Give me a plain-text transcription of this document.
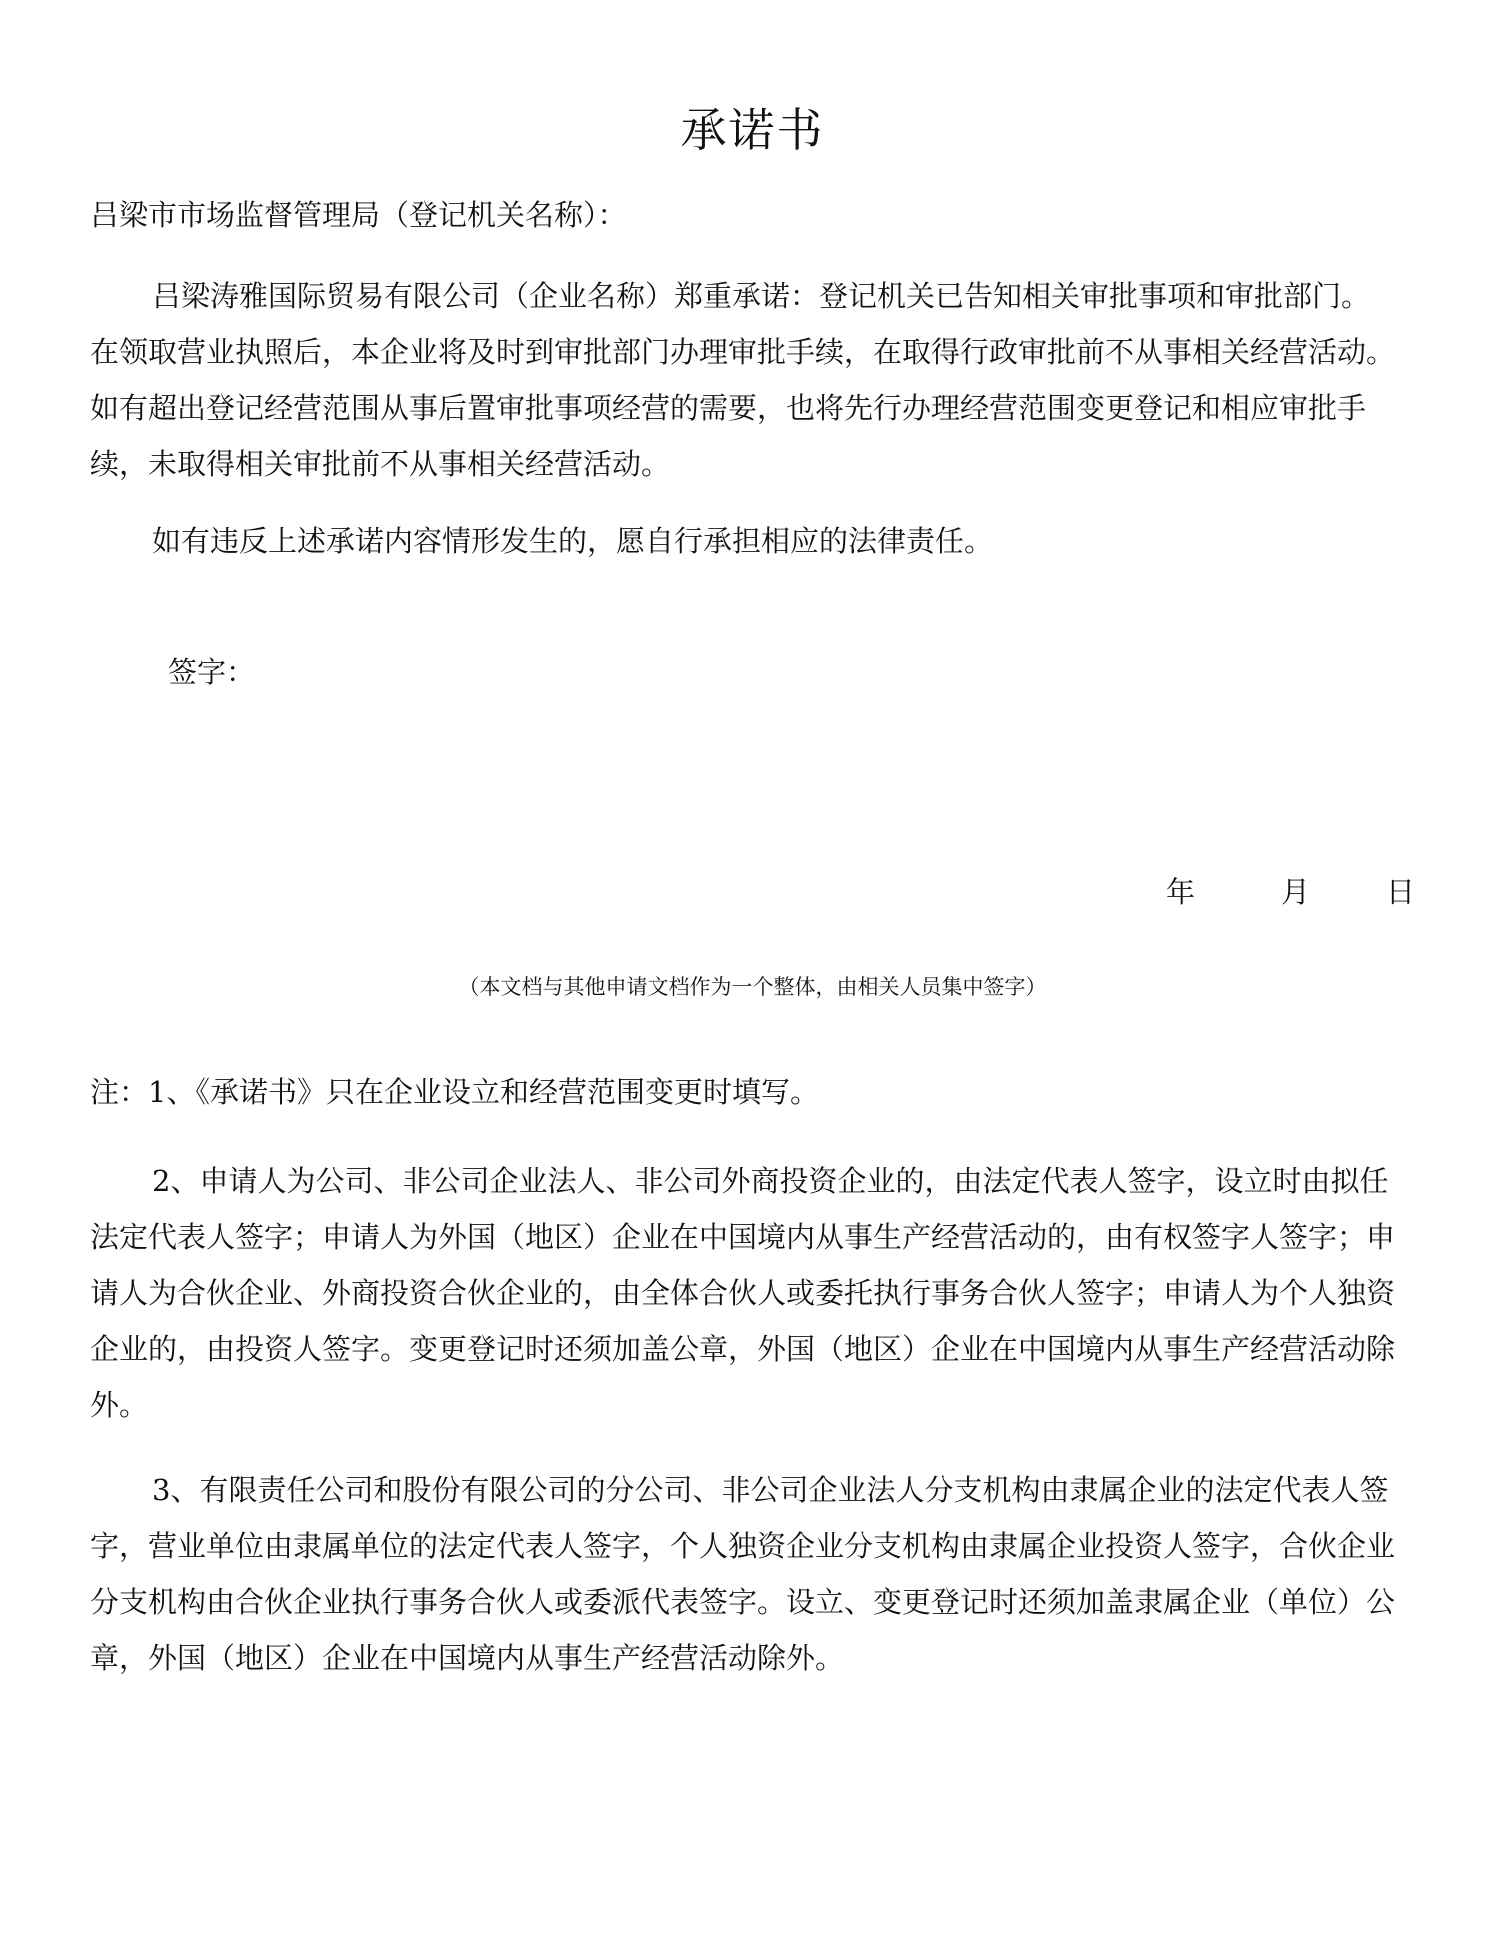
承诺书
吕梁市市场监督管理局（登记机关名称）：

吕梁涛雅国际贸易有限公司（企业名称）郑重承诺：登记机关已告知相关审批事项和审批部门。 在领取营业执照后，本企业将及时到审批部门办理审批手续，在取得行政审批前不从事相关经营活动。如有超出登记经营范围从事后置审批事项经营的需要，也将先行办理经营范围变更登记和相应审批手续，未取得相关审批前不从事相关经营活动。

如有违反上述承诺内容情形发生的，愿自行承担相应的法律责任。

签字：
年	月	日
（本文档与其他申请文档作为一个整体，由相关人员集中签字）
注：1、《承诺书》只在企业设立和经营范围变更时填写。

2、申请人为公司、非公司企业法人、非公司外商投资企业的，由法定代表人签字，设立时由拟任法定代表人签字；申请人为外国（地区）企业在中国境内从事生产经营活动的，由有权签字人签字；申请人为合伙企业、外商投资合伙企业的，由全体合伙人或委托执行事务合伙人签字；申请人为个人独资企业的，由投资人签字。变更登记时还须加盖公章，外国（地区）企业在中国境内从事生产经营活动除外。

3、有限责任公司和股份有限公司的分公司、非公司企业法人分支机构由隶属企业的法定代表人签字，营业单位由隶属单位的法定代表人签字，个人独资企业分支机构由隶属企业投资人签字，合伙企业分支机构由合伙企业执行事务合伙人或委派代表签字。设立、变更登记时还须加盖隶属企业（单位）公章，外国（地区）企业在中国境内从事生产经营活动除外。
